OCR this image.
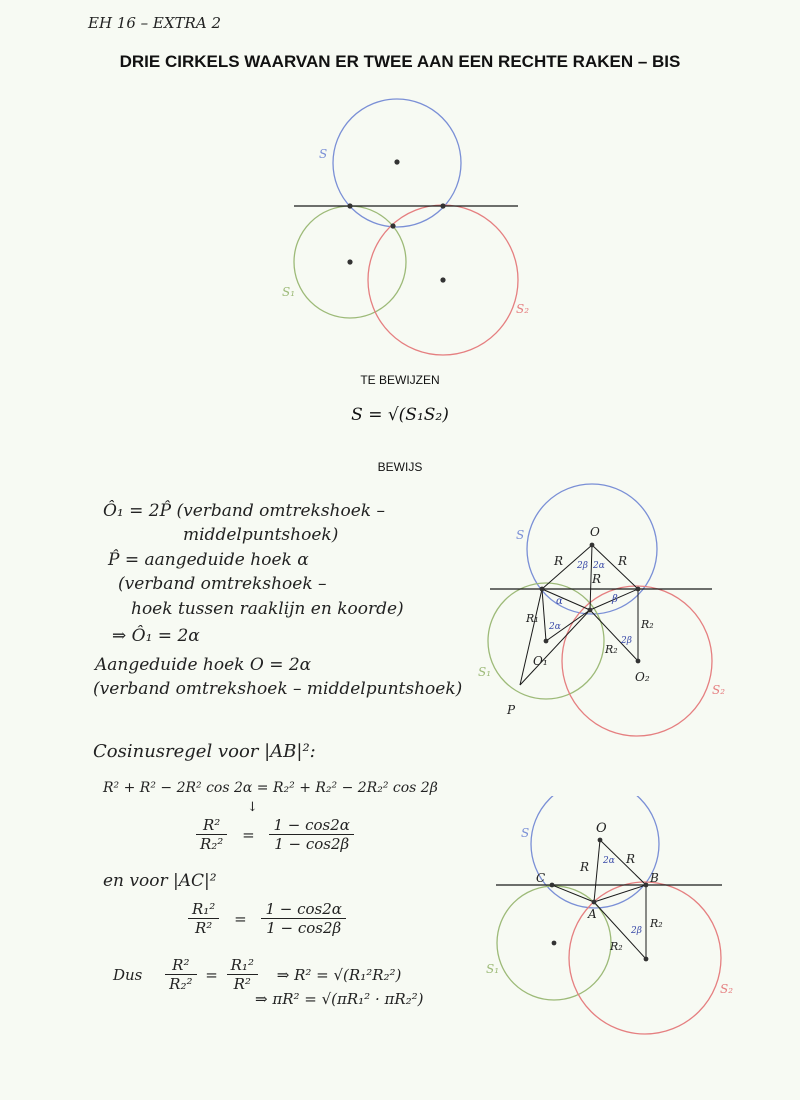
EH 16 – EXTRA 2
DRIE CIRKELS WAARVAN ER TWEE AAN EEN RECHTE RAKEN – BIS
S
S₁
S₂
TE BEWIJZEN
S = √(S₁S₂)
BEWIJS
Ô₁ = 2P̂ (verband omtrekshoek –
middelpuntshoek)
P̂ = aangeduide hoek α
(verband omtrekshoek –
hoek tussen raaklijn en koorde)
⇒ Ô₁ = 2α
Aangeduide hoek O = 2α
(verband omtrekshoek – middelpuntshoek)
S
S₁
S₂
O
R	R
R
2β 2α
α	β
R₁
2α
R₂
2β
R₂
O₁
O₂
P
Cosinusregel voor |AB|²:
R² + R² − 2R² cos 2α = R₂² + R₂² − 2R₂² cos 2β
↓
$\frac{\text{R²}}{\text{R₂²}} = \frac{1 - \cos 2\alpha}{1 - \cos 2\beta}$
en voor |AC|²
$\frac{\text{R₁²}}{\text{R²}} = \frac{1 - \cos 2\alpha}{1 - \cos 2\beta}$
Dus $\frac{\text{R²}}{\text{R₂²}} = \frac{\text{R₁²}}{\text{R²}}$ ⇒ R² = √(R₁²R₂²)
⇒ πR² = √(πR₁² · πR₂²)
S
S₁
S₂
O
R
R
2α
C	B
A
R₂
2β
R₂
